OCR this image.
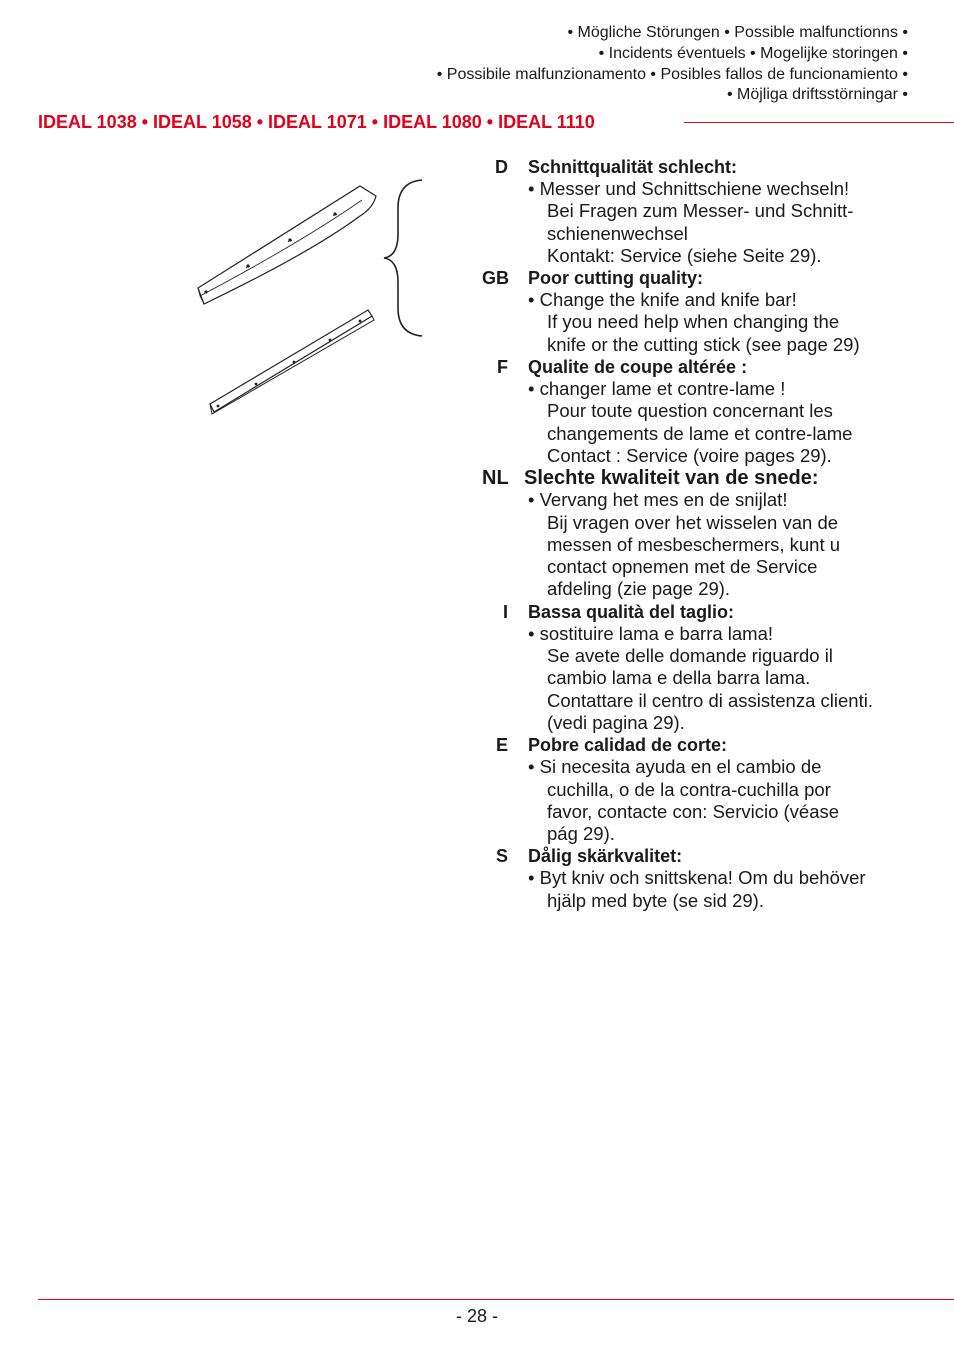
• Mögliche Störungen • Possible malfunctionns •
• Incidents éventuels • Mogelijke storingen •
• Possibile malfunzionamento • Posibles fallos de funcionamiento •
• Möjliga driftsstörningar •
IDEAL 1038 • IDEAL 1058 • IDEAL 1071 • IDEAL 1080 • IDEAL 1110
D	Schnittqualität schlecht:
• Messer und Schnittschiene wechseln!
Bei Fragen zum Messer- und Schnitt-
schienenwechsel
Kontakt: Service (siehe Seite 29).
GB	Poor cutting quality:
• Change the knife and knife bar!
If you need help when changing the
knife or the cutting stick (see page 29)
F	Qualite de coupe altérée :
• changer lame et contre-lame !
Pour toute question concernant les
changements de lame et contre-lame
Contact : Service (voire pages 29).
NL Slechte kwaliteit van de snede:
• Vervang het mes en de snijlat!
Bij vragen over het wisselen van de
messen of mesbeschermers, kunt u
contact opnemen met de Service
afdeling (zie page 29).
I	Bassa qualità del taglio:
• sostituire lama e barra lama!
Se avete delle domande riguardo il
cambio lama e della barra lama.
Contattare il centro di assistenza clienti.
(vedi pagina 29).
E	Pobre calidad de corte:
• Si necesita ayuda en el cambio de
cuchilla, o de la contra-cuchilla por
favor, contacte con: Servicio (véase
pág 29).
S	Dålig skärkvalitet:
• Byt kniv och snittskena! Om du behöver
hjälp med byte (se sid 29).
- 28 -
